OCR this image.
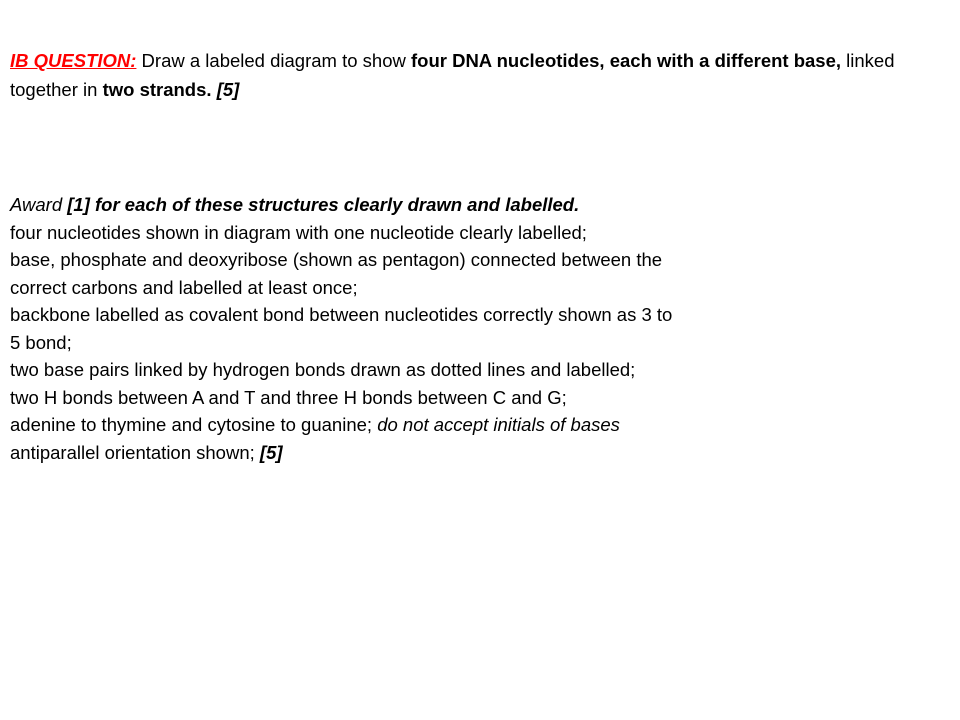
IB QUESTION: Draw a labeled diagram to show four DNA nucleotides, each with a different base, linked together in two strands. [5]
Award [1] for each of these structures clearly drawn and labelled.
four nucleotides shown in diagram with one nucleotide clearly labelled;
base, phosphate and deoxyribose (shown as pentagon) connected between the
correct carbons and labelled at least once;
backbone labelled as covalent bond between nucleotides correctly shown as 3 to
5 bond;
two base pairs linked by hydrogen bonds drawn as dotted lines and labelled;
two H bonds between A and T and three H bonds between C and G;
adenine to thymine and cytosine to guanine; do not accept initials of bases
antiparallel orientation shown; [5]
